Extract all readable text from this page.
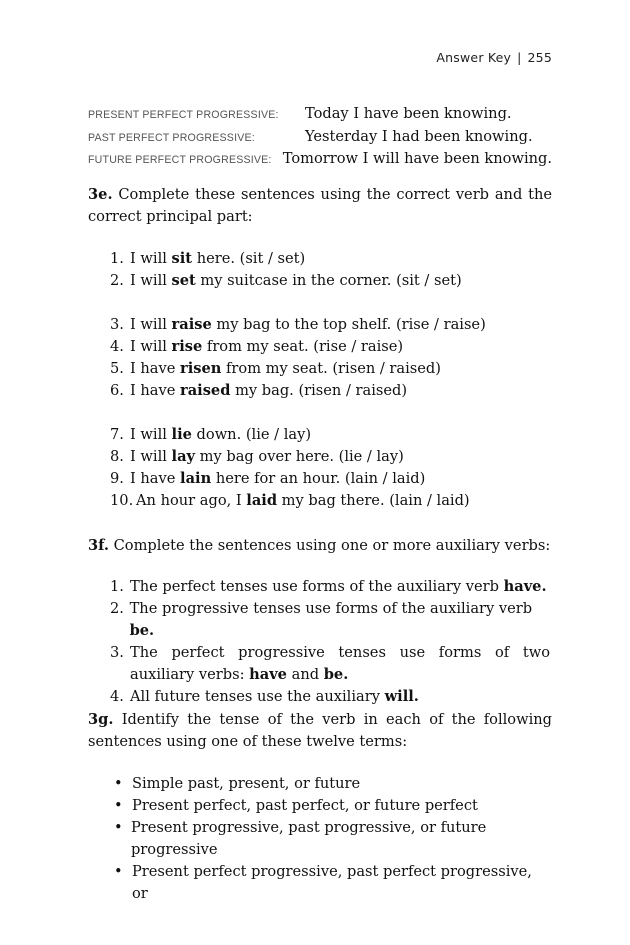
Answer Key | 255
PRESENT PERFECT PROGRESSIVE:	Today I have been knowing.
PAST PERFECT PROGRESSIVE:	Yesterday I had been knowing.
FUTURE PERFECT PROGRESSIVE: Tomorrow I will have been knowing.
3e. Complete these sentences using the correct verb and the correct principal part:
1. I will sit here. (sit / set)
2. I will set my suitcase in the corner. (sit / set)
3. I will raise my bag to the top shelf. (rise / raise)
4. I will rise from my seat. (rise / raise)
5. I have risen from my seat. (risen / raised)
6. I have raised my bag. (risen / raised)
7. I will lie down. (lie / lay)
8. I will lay my bag over here. (lie / lay)
9. I have lain here for an hour. (lain / laid)
10. An hour ago, I laid my bag there. (lain / laid)
3f. Complete the sentences using one or more auxiliary verbs:
1. The perfect tenses use forms of the auxiliary verb have.
2. The progressive tenses use forms of the auxiliary verb be.
3. The perfect progressive tenses use forms of two auxiliary verbs: have and be.
4. All future tenses use the auxiliary will.
3g. Identify the tense of the verb in each of the following sentences using one of these twelve terms:
• Simple past, present, or future
• Present perfect, past perfect, or future perfect
• Present progressive, past progressive, or future progressive
• Present perfect progressive, past perfect progressive, or
